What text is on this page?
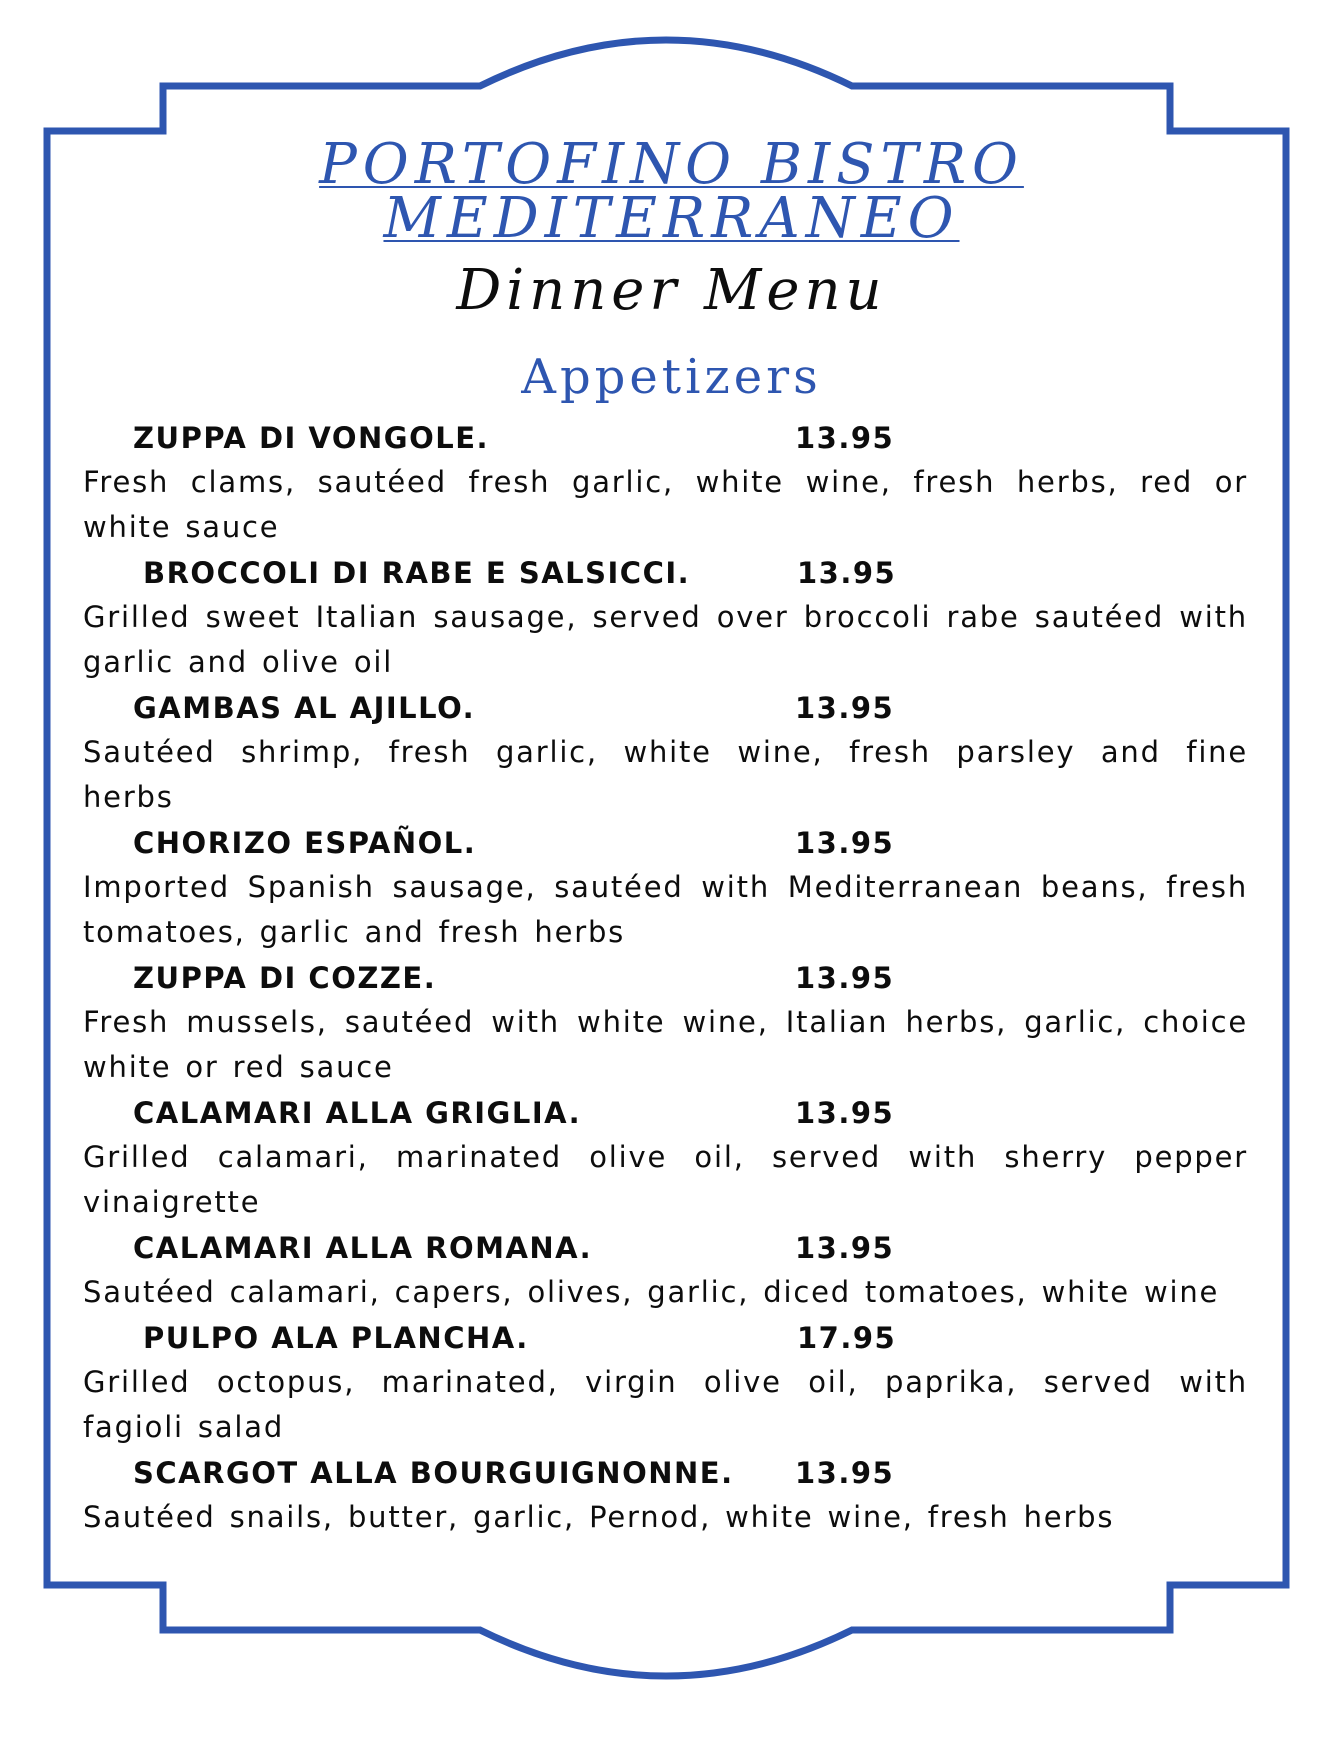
PORTOFINO BISTRO
MEDITERRANEO
Dinner Menu
Appetizers
ZUPPA DI VONGOLE.	13.95
Fresh clams, sautéed fresh garlic, white wine, fresh herbs, red or white sauce
BROCCOLI DI RABE E SALSICCI.	13.95
Grilled sweet Italian sausage, served over broccoli rabe sautéed with garlic and olive oil
GAMBAS AL AJILLO.	13.95
Sautéed shrimp, fresh garlic, white wine, fresh parsley and fine herbs
CHORIZO ESPAÑOL.	13.95
Imported Spanish sausage, sautéed with Mediterranean beans, fresh tomatoes, garlic and fresh herbs
ZUPPA DI COZZE.	13.95
Fresh mussels, sautéed with white wine, Italian herbs, garlic, choice white or red sauce
CALAMARI ALLA GRIGLIA.	13.95
Grilled calamari, marinated olive oil, served with sherry pepper vinaigrette
CALAMARI ALLA ROMANA.	13.95
Sautéed calamari, capers, olives, garlic, diced tomatoes, white wine
PULPO ALA PLANCHA.	17.95
Grilled octopus, marinated, virgin olive oil, paprika, served with fagioli salad
SCARGOT ALLA BOURGUIGNONNE.	13.95
Sautéed snails, butter, garlic, Pernod, white wine, fresh herbs
